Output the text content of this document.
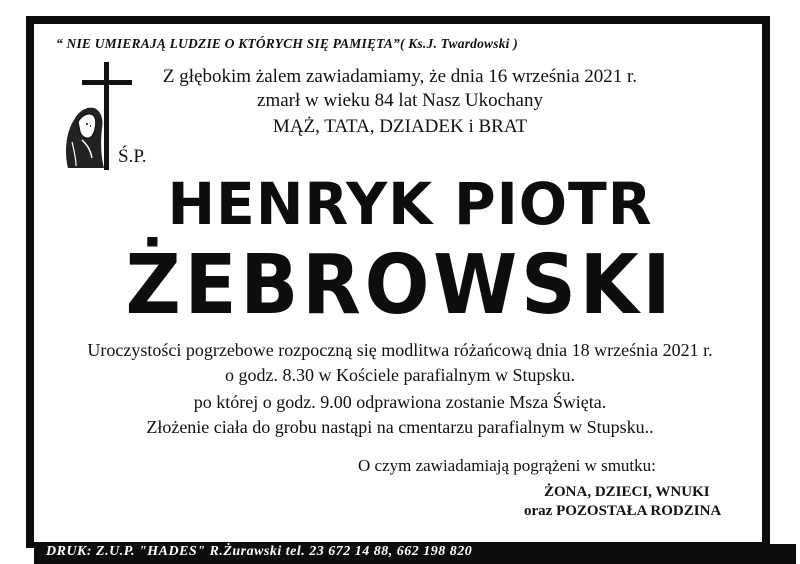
“ NIE UMIERAJĄ LUDZIE O KTÓRYCH SIĘ PAMIĘTA”( Ks.J. Twardowski )
Z głębokim żalem zawiadamiamy, że dnia 16 września 2021 r.
zmarł w wieku 84 lat Nasz Ukochany
MĄŻ, TATA, DZIADEK i BRAT
Ś.P.
HENRYK PIOTR
ŻEBROWSKI
Uroczystości pogrzebowe rozpoczną się modlitwa różańcową dnia 18 września 2021 r.
o godz. 8.30 w Kościele parafialnym w Stupsku.
po której o godz. 9.00 odprawiona zostanie Msza Święta.
Złożenie ciała do grobu nastąpi na cmentarzu parafialnym w Stupsku..
O czym zawiadamiają pogrążeni w smutku:
ŻONA, DZIECI, WNUKI
oraz POZOSTAŁA RODZINA
DRUK: Z.U.P. "HADES" R.Żurawski tel. 23 672 14 88, 662 198 820
